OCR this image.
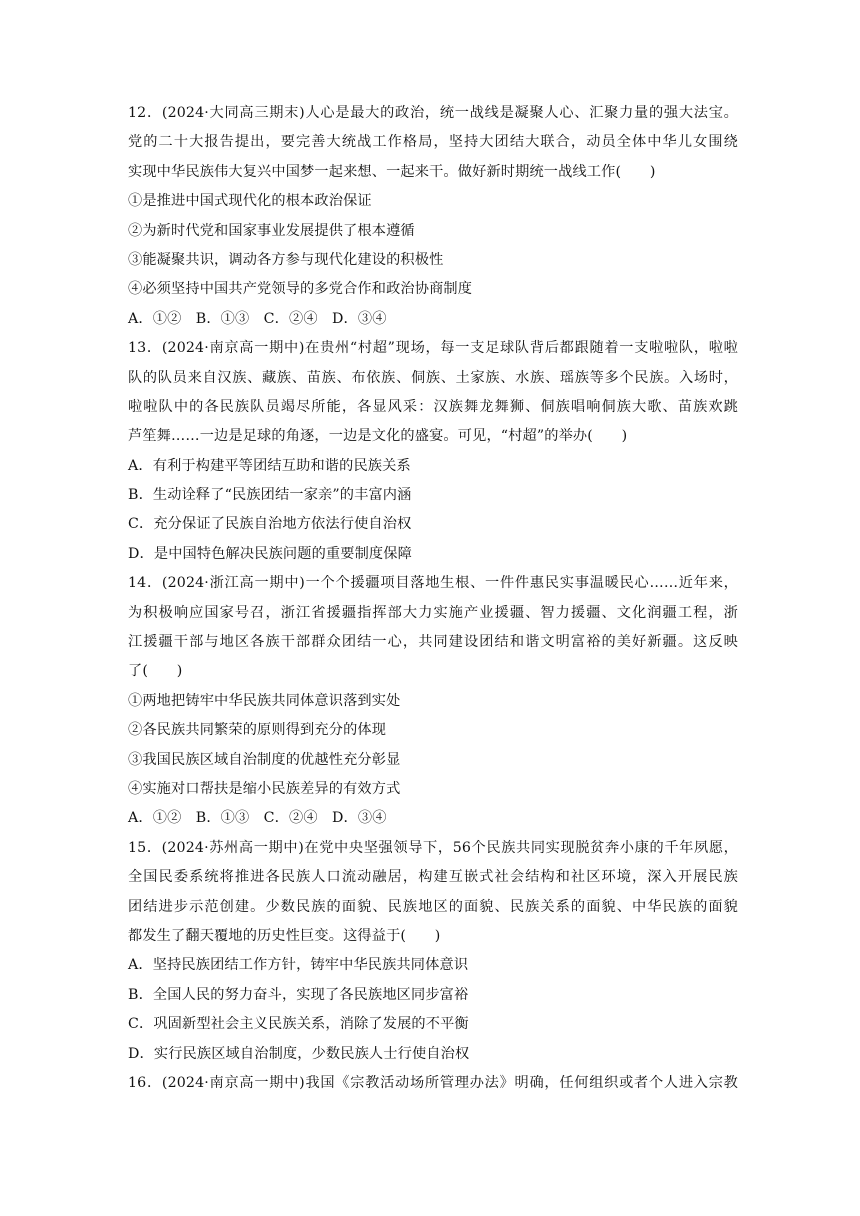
12．(2024·大同高三期末)人心是最大的政治，统一战线是凝聚人心、汇聚力量的强大法宝。
党的二十大报告提出，要完善大统战工作格局，坚持大团结大联合，动员全体中华儿女围绕
实现中华民族伟大复兴中国梦一起来想、一起来干。做好新时期统一战线工作(　　)
①是推进中国式现代化的根本政治保证
②为新时代党和国家事业发展提供了根本遵循
③能凝聚共识，调动各方参与现代化建设的积极性
④必须坚持中国共产党领导的多党合作和政治协商制度
A．①②　B．①③　C．②④　D．③④
13．(2024·南京高一期中)在贵州“村超”现场，每一支足球队背后都跟随着一支啦啦队，啦啦
队的队员来自汉族、藏族、苗族、布依族、侗族、土家族、水族、瑶族等多个民族。入场时，
啦啦队中的各民族队员竭尽所能，各显风采：汉族舞龙舞狮、侗族唱响侗族大歌、苗族欢跳
芦笙舞……一边是足球的角逐，一边是文化的盛宴。可见，“村超”的举办(　　)
A．有利于构建平等团结互助和谐的民族关系
B．生动诠释了“民族团结一家亲”的丰富内涵
C．充分保证了民族自治地方依法行使自治权
D．是中国特色解决民族问题的重要制度保障
14．(2024·浙江高一期中)一个个援疆项目落地生根、一件件惠民实事温暖民心……近年来，
为积极响应国家号召，浙江省援疆指挥部大力实施产业援疆、智力援疆、文化润疆工程，浙
江援疆干部与地区各族干部群众团结一心，共同建设团结和谐文明富裕的美好新疆。这反映
了(　　)
①两地把铸牢中华民族共同体意识落到实处
②各民族共同繁荣的原则得到充分的体现
③我国民族区域自治制度的优越性充分彰显
④实施对口帮扶是缩小民族差异的有效方式
A．①②　B．①③　C．②④　D．③④
15．(2024·苏州高一期中)在党中央坚强领导下，56个民族共同实现脱贫奔小康的千年夙愿，
全国民委系统将推进各民族人口流动融居，构建互嵌式社会结构和社区环境，深入开展民族
团结进步示范创建。少数民族的面貌、民族地区的面貌、民族关系的面貌、中华民族的面貌
都发生了翻天覆地的历史性巨变。这得益于(　　)
A．坚持民族团结工作方针，铸牢中华民族共同体意识
B．全国人民的努力奋斗，实现了各民族地区同步富裕
C．巩固新型社会主义民族关系，消除了发展的不平衡
D．实行民族区域自治制度，少数民族人士行使自治权
16．(2024·南京高一期中)我国《宗教活动场所管理办法》明确，任何组织或者个人进入宗教
